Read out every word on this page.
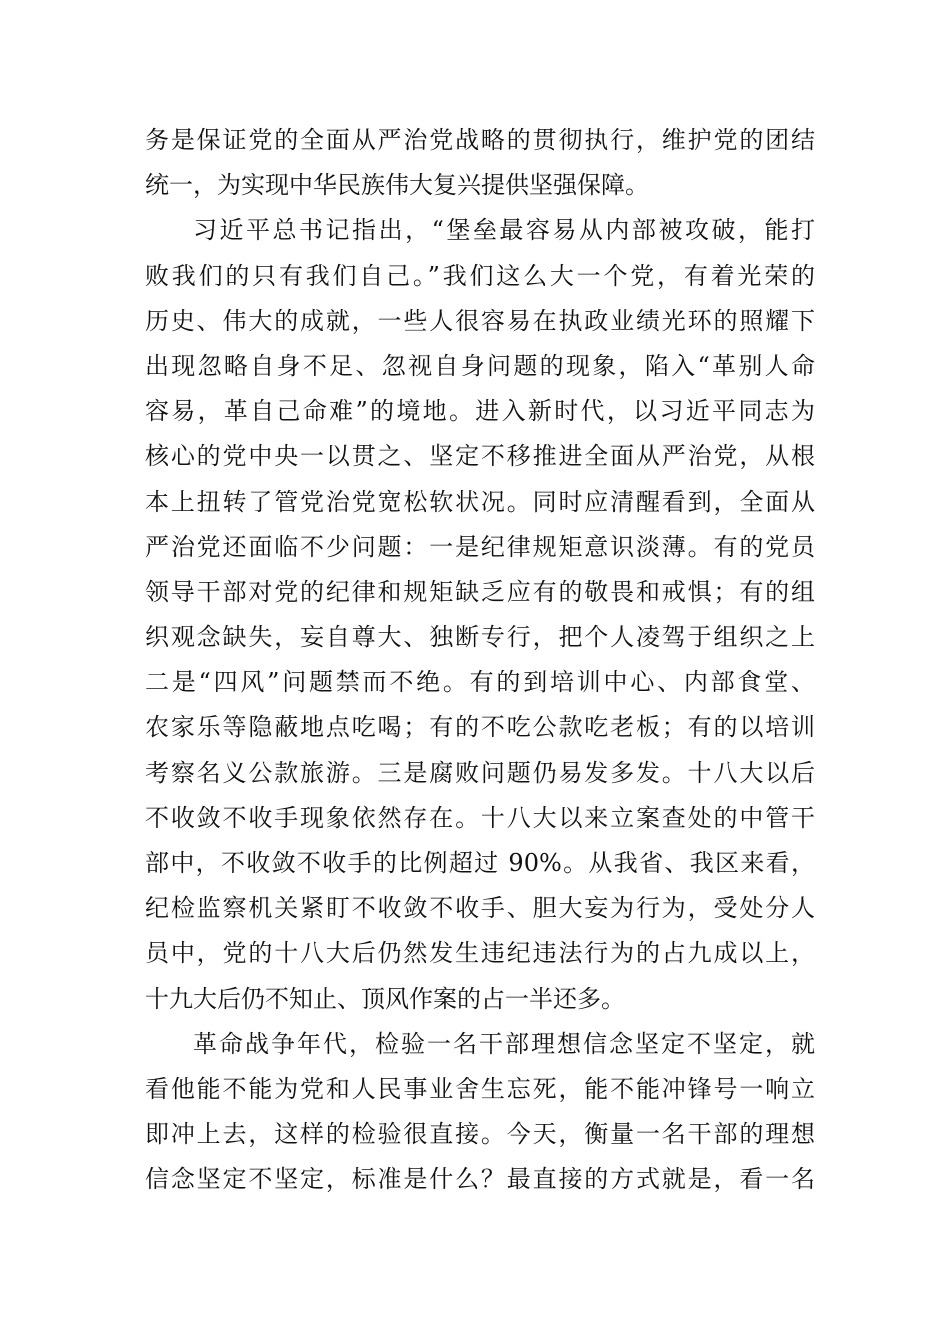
务是保证党的全面从严治党战略的贯彻执行，维护党的团结
统一，为实现中华民族伟大复兴提供坚强保障。
习近平总书记指出，“堡垒最容易从内部被攻破，能打
败我们的只有我们自己。”我们这么大一个党，有着光荣的
历史、伟大的成就，一些人很容易在执政业绩光环的照耀下
出现忽略自身不足、忽视自身问题的现象，陷入“革别人命
容易，革自己命难”的境地。进入新时代，以习近平同志为
核心的党中央一以贯之、坚定不移推进全面从严治党，从根
本上扭转了管党治党宽松软状况。同时应清醒看到，全面从
严治党还面临不少问题：一是纪律规矩意识淡薄。有的党员
领导干部对党的纪律和规矩缺乏应有的敬畏和戒惧；有的组
织观念缺失，妄自尊大、独断专行，把个人凌驾于组织之上
二是“四风”问题禁而不绝。有的到培训中心、内部食堂、
农家乐等隐蔽地点吃喝；有的不吃公款吃老板；有的以培训
考察名义公款旅游。三是腐败问题仍易发多发。十八大以后
不收敛不收手现象依然存在。十八大以来立案查处的中管干
部中，不收敛不收手的比例超过 90%。从我省、我区来看，
纪检监察机关紧盯不收敛不收手、胆大妄为行为，受处分人
员中，党的十八大后仍然发生违纪违法行为的占九成以上，
十九大后仍不知止、顶风作案的占一半还多。
革命战争年代，检验一名干部理想信念坚定不坚定，就
看他能不能为党和人民事业舍生忘死，能不能冲锋号一响立
即冲上去，这样的检验很直接。今天，衡量一名干部的理想
信念坚定不坚定，标准是什么？最直接的方式就是，看一名
